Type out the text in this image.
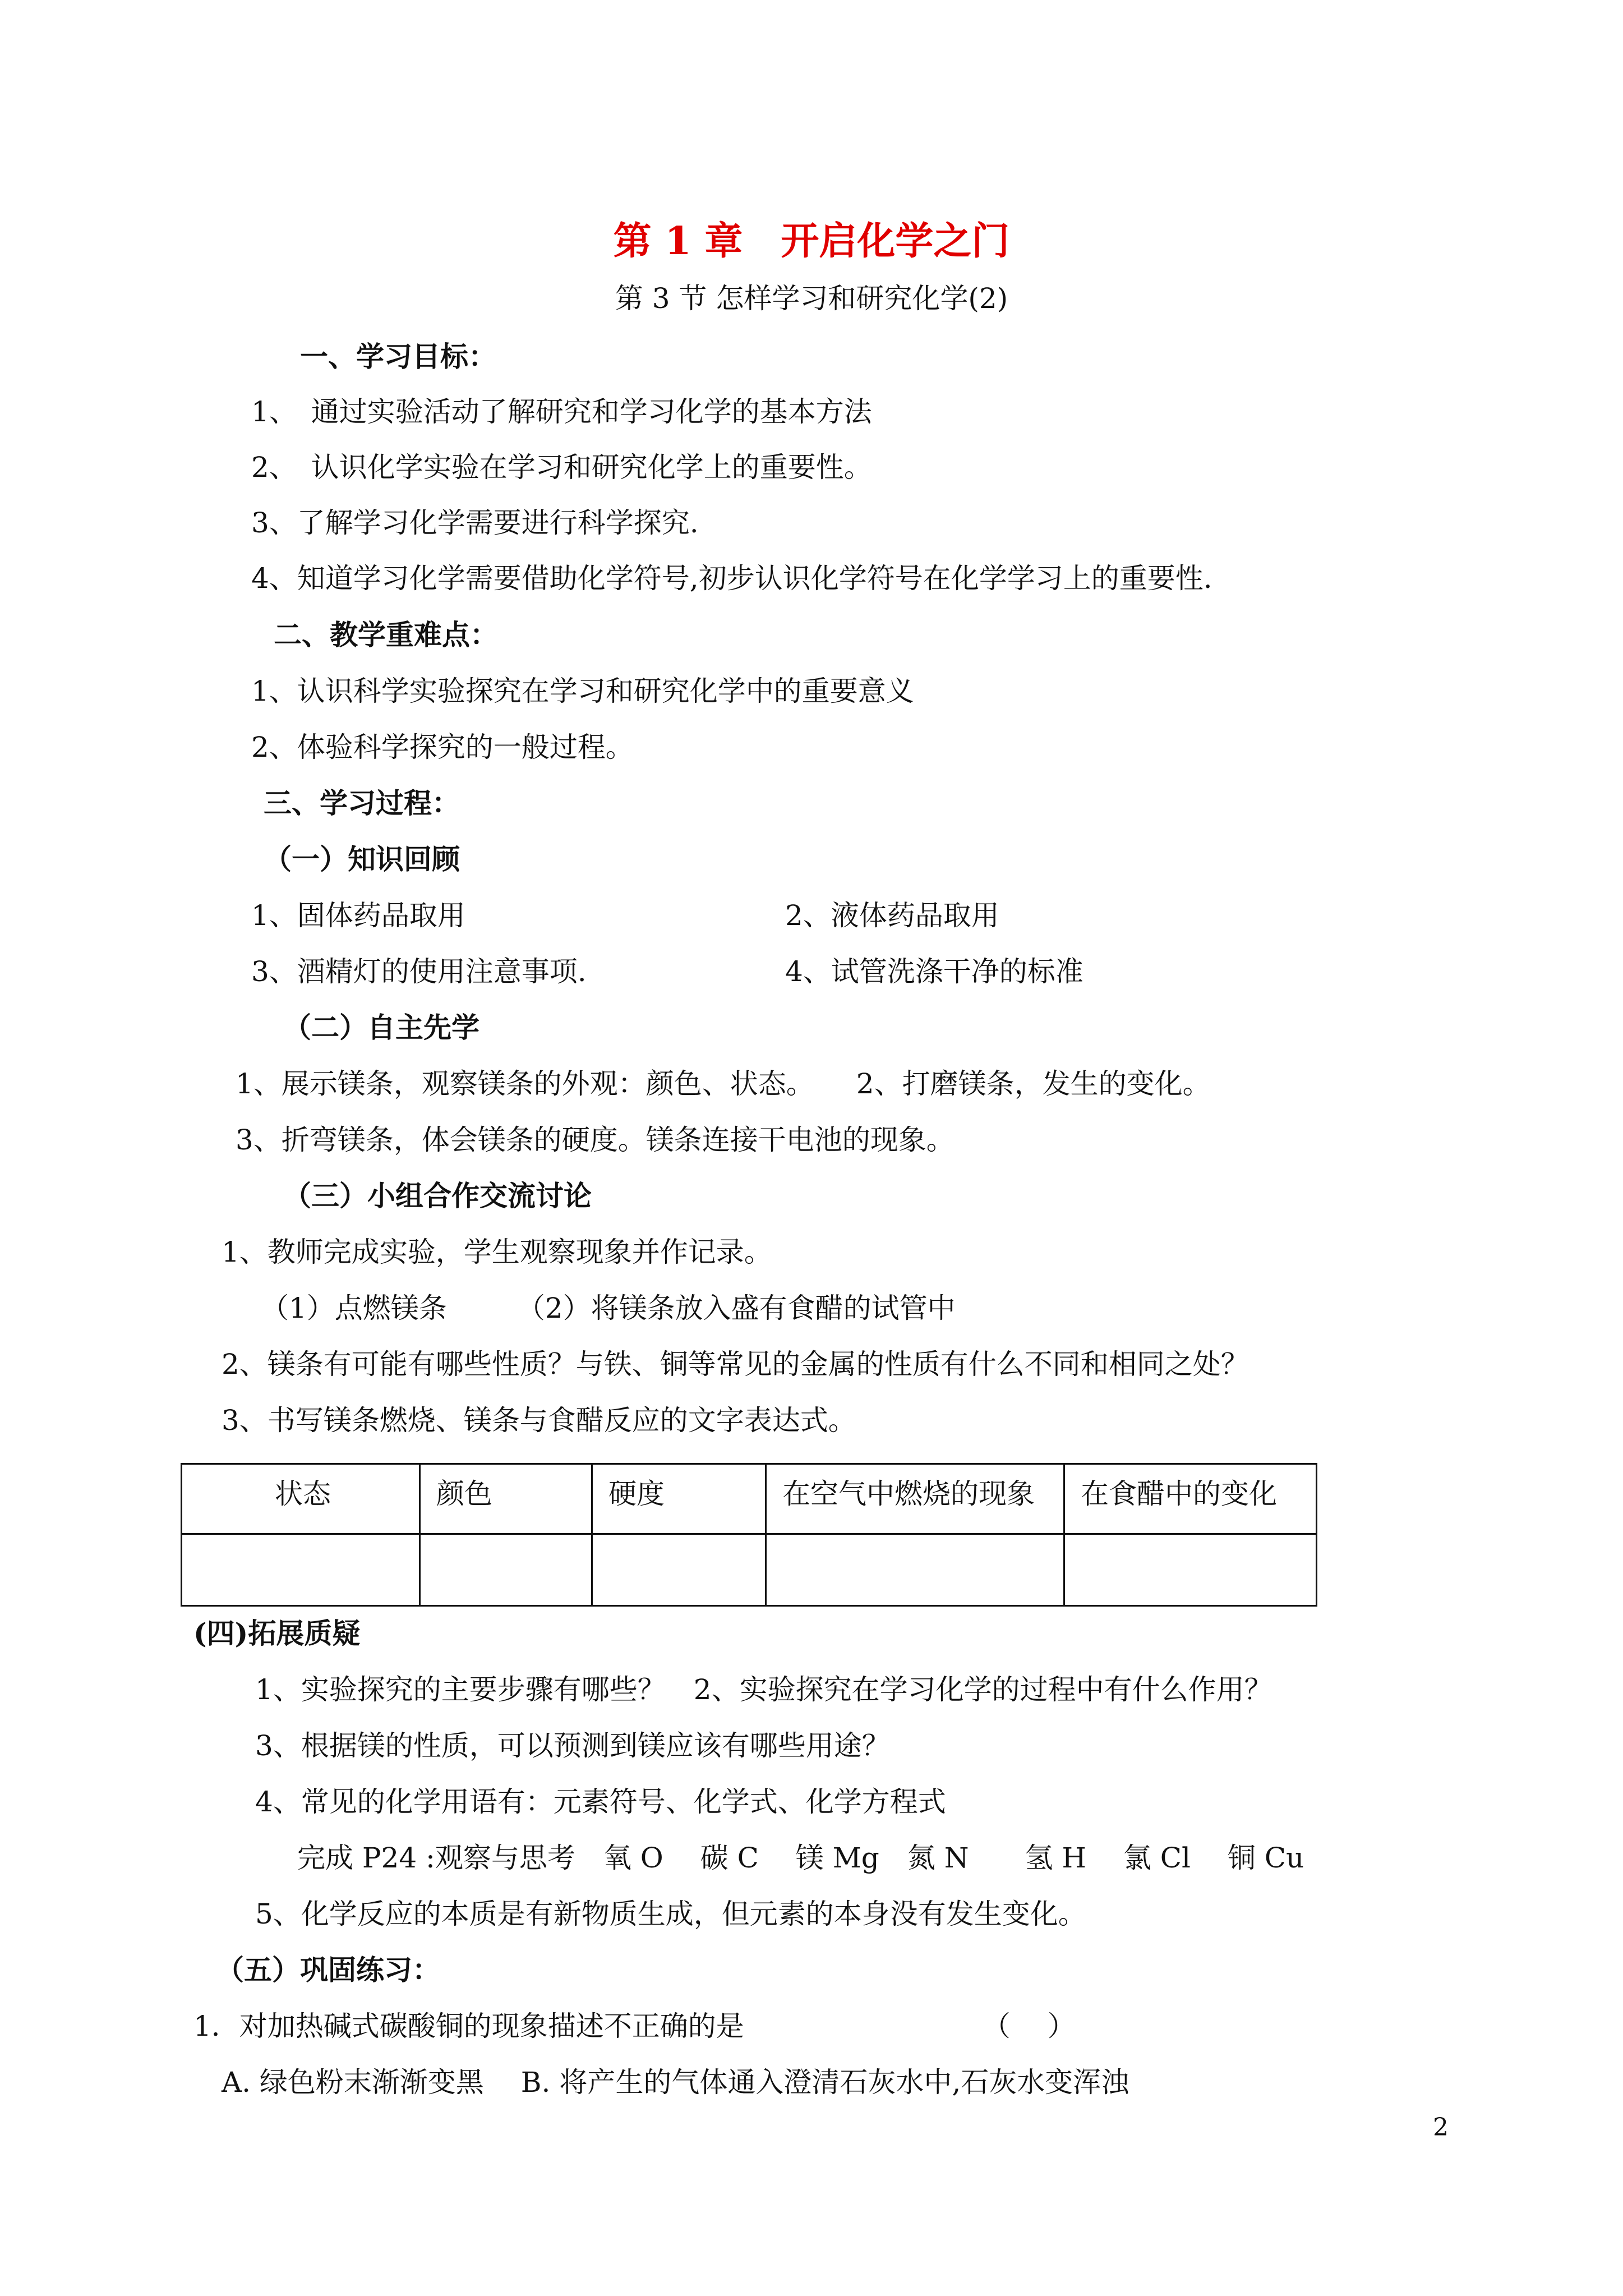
第 1 章　开启化学之门
第 3 节 怎样学习和研究化学(2)
一、学习目标：
1、　通过实验活动了解研究和学习化学的基本方法
2、　认识化学实验在学习和研究化学上的重要性。
3、了解学习化学需要进行科学探究.
4、知道学习化学需要借助化学符号,初步认识化学符号在化学学习上的重要性.
二、教学重难点：
1、认识科学实验探究在学习和研究化学中的重要意义
2、体验科学探究的一般过程。
三、学习过程：
（一）知识回顾
1、固体药品取用	2、液体药品取用
3、酒精灯的使用注意事项.	4、试管洗涤干净的标准
（二）自主先学
1、展示镁条，观察镁条的外观：颜色、状态。　　2、打磨镁条，发生的变化。
3、折弯镁条，体会镁条的硬度。镁条连接干电池的现象。
（三）小组合作交流讨论
1、教师完成实验，学生观察现象并作记录。
（1）点燃镁条　　　（2）将镁条放入盛有食醋的试管中
2、镁条有可能有哪些性质？与铁、铜等常见的金属的性质有什么不同和相同之处？
3、书写镁条燃烧、镁条与食醋反应的文字表达式。
状态	颜色	硬度	在空气中燃烧的现象	在食醋中的变化

(四)拓展质疑
1、实验探究的主要步骤有哪些？　2、实验探究在学习化学的过程中有什么作用？
3、根据镁的性质，可以预测到镁应该有哪些用途？
4、常见的化学用语有：元素符号、化学式、化学方程式
完成 P24 :观察与思考　氧 O　 碳 C　 镁 Mg　氮 N　　氢 H　 氯 Cl　 铜 Cu
5、化学反应的本质是有新物质生成，但元素的本身没有发生变化。
（五）巩固练习：
1．对加热碱式碳酸铜的现象描述不正确的是　　　　　　　　　（　 ）
A. 绿色粉末渐渐变黑　 B. 将产生的气体通入澄清石灰水中,石灰水变浑浊
2
